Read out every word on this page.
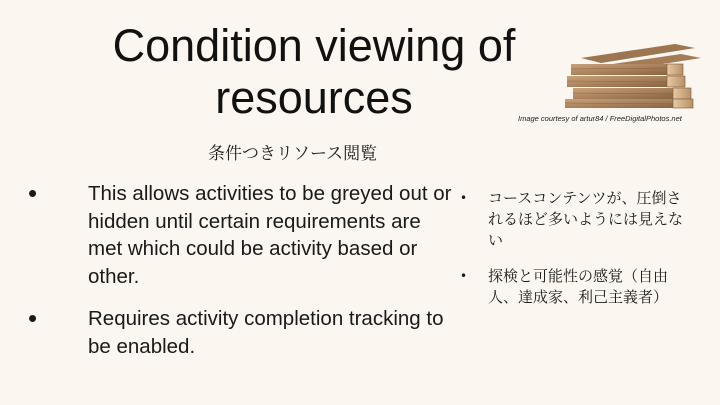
Condition viewing of resources	Image courtesy of artur84 / FreeDigitalPhotos.net
条件つきリソース閲覧
• This allows activities to be greyed out or hidden until certain requirements are met which could be activity based or other.
• Requires activity completion tracking to be enabled.
• コースコンテンツが、圧倒されるほど多いようには見えない
• 探検と可能性の感覚（自由人、達成家、利己主義者）
